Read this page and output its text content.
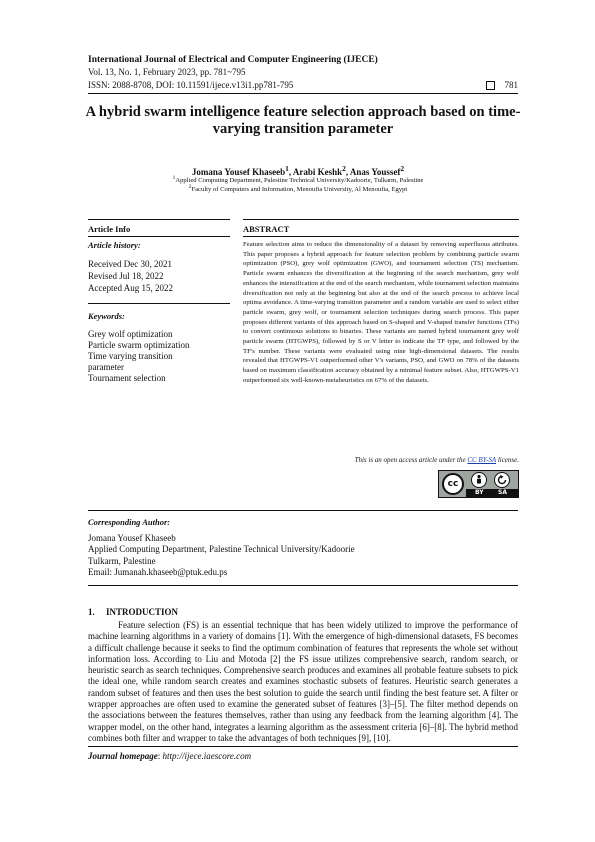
International Journal of Electrical and Computer Engineering (IJECE)
Vol. 13, No. 1, February 2023, pp. 781~795
ISSN: 2088-8708, DOI: 10.11591/ijece.v13i1.pp781-795	781
A hybrid swarm intelligence feature selection approach based on time-varying transition parameter
Jomana Yousef Khaseeb$^1$, Arabi Keshk$^2$, Anas Youssef$^2$
$^1$Applied Computing Department, Palestine Technical University/Kadoorie, Tulkarm, Palestine
$^2$Faculty of Computers and Information, Menoufia University, Al Menoufia, Egypt
Article Info	ABSTRACT
Article history:
Received Dec 30, 2021
Revised Jul 18, 2022
Accepted Aug 15, 2022
Keywords:
Grey wolf optimization
Particle swarm optimization
Time varying transition
parameter
Tournament selection
Feature selection aims to reduce the dimensionality of a dataset by removing superfluous attributes. This paper proposes a hybrid approach for feature selection problem by combining particle swarm optimization (PSO), grey wolf optimization (GWO), and tournament selection (TS) mechanism. Particle swarm enhances the diversification at the beginning of the search mechanism, grey wolf enhances the intensification at the end of the search mechanism, while tournament selection maintains diversification not only at the beginning but also at the end of the search process to achieve local optima avoidance. A time-varying transition parameter and a random variable are used to select either particle swarm, grey wolf, or tournament selection techniques during search process. This paper proposes different variants of this approach based on S-shaped and V-shaped transfer functions (TFs) to convert continuous solutions to binaries. These variants are named hybrid tournament grey wolf particle swarm (HTGWPS), followed by S or V letter to indicate the TF type, and followed by the TF's number. These variants were evaluated using nine high-dimensional datasets. The results revealed that HTGWPS-V1 outperformed other V's variants, PSO, and GWO on 78% of the datasets based on maximum classification accuracy obtained by a minimal feature subset. Also, HTGWPS-V1 outperformed six well-known-metaheuristics on 67% of the datasets.
This is an open access article under the CC BY-SA license.
cc
BY SA
Corresponding Author:
Jomana Yousef Khaseeb
Applied Computing Department, Palestine Technical University/Kadoorie
Tulkarm, Palestine
Email: Jumanah.khaseeb@ptuk.edu.ps
1. INTRODUCTION
Feature selection (FS) is an essential technique that has been widely utilized to improve the performance of machine learning algorithms in a variety of domains [1]. With the emergence of high-dimensional datasets, FS becomes a difficult challenge because it seeks to find the optimum combination of features that represents the whole set without information loss. According to Liu and Motoda [2] the FS issue utilizes comprehensive search, random search, or heuristic search as search techniques. Comprehensive search produces and examines all probable feature subsets to pick the ideal one, while random search creates and examines stochastic subsets of features. Heuristic search generates a random subset of features and then uses the best solution to guide the search until finding the best feature set. A filter or wrapper approaches are often used to examine the generated subset of features [3]–[5]. The filter method depends on the associations between the features themselves, rather than using any feedback from the learning algorithm [4]. The wrapper model, on the other hand, integrates a learning algorithm as the assessment criteria [6]–[8]. The hybrid method combines both filter and wrapper to take the advantages of both techniques [9], [10].
Journal homepage: http://ijece.iaescore.com
